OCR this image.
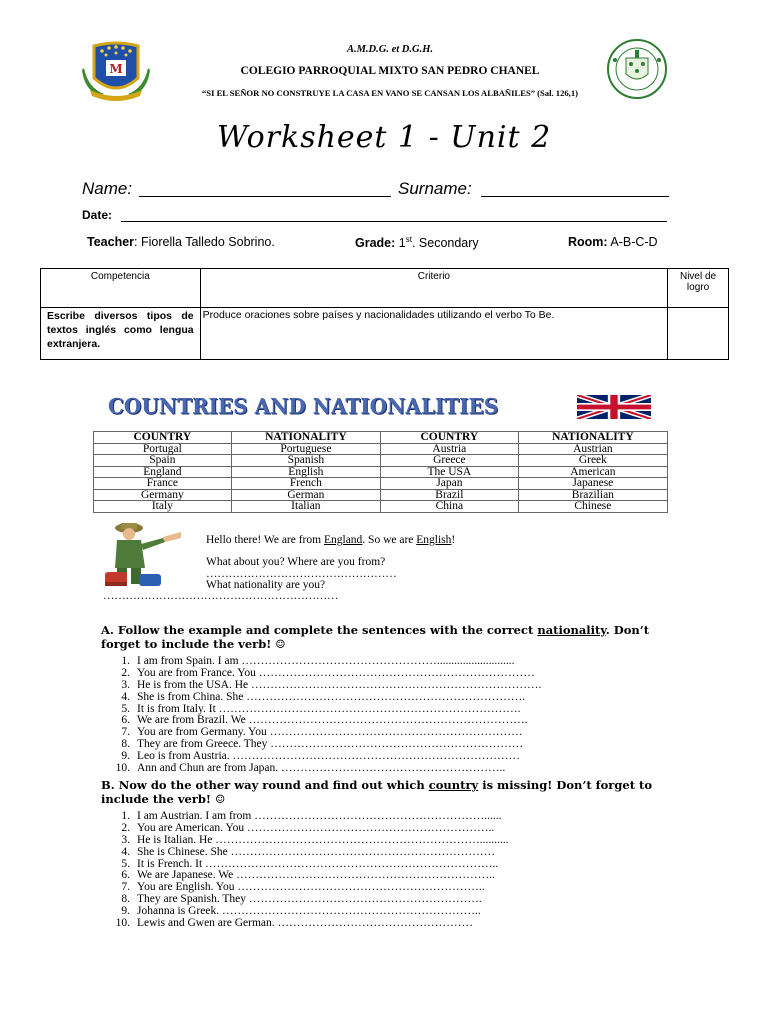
M
A.M.D.G. et D.G.H.
COLEGIO PARROQUIAL MIXTO SAN PEDRO CHANEL
“SI EL SEÑOR NO CONSTRUYE LA CASA EN VANO SE CANSAN LOS ALBAÑILES” (Sal. 126,1)
Worksheet 1 - Unit 2
Name:	Surname:
Date:
Teacher: Fiorella Talledo Sobrino.	Grade: 1st. Secondary	Room: A-B-C-D
Competencia	Criterio	Nivel de logro
Escribe diversos tipos de textos inglés como lengua extranjera.	Produce oraciones sobre países y nacionalidades utilizando el verbo To Be.	
COUNTRIES AND NATIONALITIES
COUNTRY	NATIONALITY	COUNTRY	NATIONALITY
Portugal	Portuguese	Austria	Austrian
Spain	Spanish	Greece	Greek
England	English	The USA	American
France	French	Japan	Japanese
Germany	German	Brazil	Brazilian
Italy	Italian	China	Chinese
Hello there! We are from England. So we are English!
What about you? Where are you from?
……………………………………………
What nationality are you?
………………………………………………………
A. Follow the example and complete the sentences with the correct nationality. Don’t forget to include the verb! ☺
1. I am from Spain. I am ……………………………………………...........................
2. You are from France. You ………………………………………………………………
3. He is from the USA. He ………………………………………………………………….
4. She is from China. She ……………………………………………………………….
5. It is from Italy. It …………………………………………………………………….
6. We are from Brazil. We ……………………………………………………………….
7. You are from Germany. You …………………………………………………………
8. They are from Greece. They …………………………………………………………
9. Leo is from Austria. …………………………………………………………………
10. Ann and Chun are from Japan. …………………………………………………..
B. Now do the other way round and find out which country is missing! Don’t forget to include the verb! ☺
1. I am Austrian. I am from ……………………………………………………......
2. You are American. You ………………………………………………………..
3. He is Italian. He ……………………………………………………………..........
4. She is Chinese. She ……………………………………………………………
5. It is French. It …………………………………………………………………..
6. We are Japanese. We …………………………………………………………..
7. You are English. You ………………………………………………………..
8. They are Spanish. They …………………………………………………….
9. Johanna is Greek. …………………………………………………………..
10. Lewis and Gwen are German. ……………………………………………
